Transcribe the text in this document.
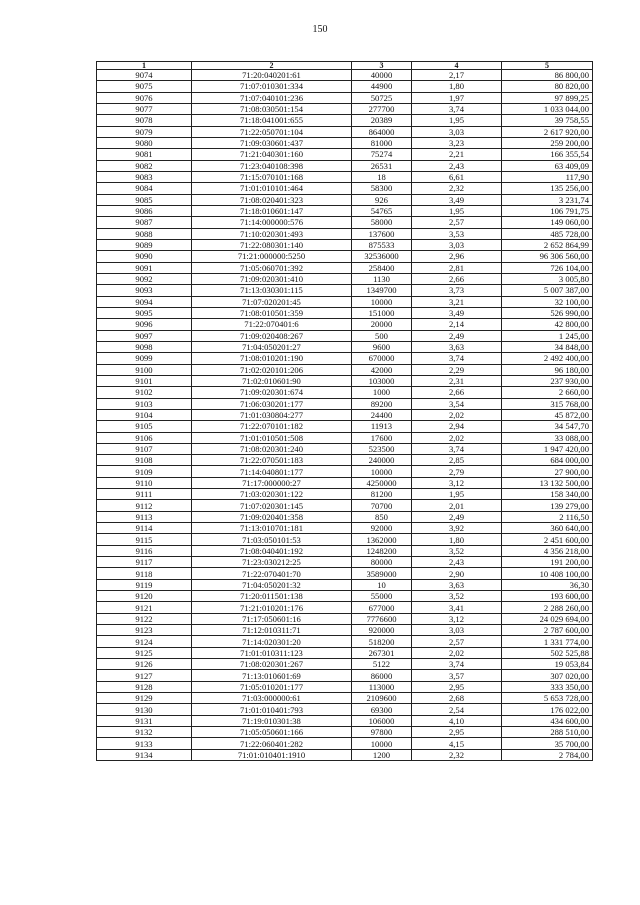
150
1	2	3	4	5
9074	71:20:040201:61	40000	2,17	86 800,00
9075	71:07:010301:334	44900	1,80	80 820,00
9076	71:07:040101:236	50725	1,97	97 899,25
9077	71:08:030501:154	277700	3,74	1 033 044,00
9078	71:18:041001:655	20389	1,95	39 758,55
9079	71:22:050701:104	864000	3,03	2 617 920,00
9080	71:09:030601:437	81000	3,23	259 200,00
9081	71:21:040301:160	75274	2,21	166 355,54
9082	71:23:040108:398	26531	2,43	63 409,09
9083	71:15:070101:168	18	6,61	117,90
9084	71:01:010101:464	58300	2,32	135 256,00
9085	71:08:020401:323	926	3,49	3 231,74
9086	71:18:010601:147	54765	1,95	106 791,75
9087	71:14:000000:576	58000	2,57	149 060,00
9088	71:10:020301:493	137600	3,53	485 728,00
9089	71:22:080301:140	875533	3,03	2 652 864,99
9090	71:21:000000:5250	32536000	2,96	96 306 560,00
9091	71:05:060701:392	258400	2,81	726 104,00
9092	71:09:020301:410	1130	2,66	3 005,80
9093	71:13:030301:115	1349700	3,73	5 007 387,00
9094	71:07:020201:45	10000	3,21	32 100,00
9095	71:08:010501:359	151000	3,49	526 990,00
9096	71:22:070401:6	20000	2,14	42 800,00
9097	71:09:020408:267	500	2,49	1 245,00
9098	71:04:050201:27	9600	3,63	34 848,00
9099	71:08:010201:190	670000	3,74	2 492 400,00
9100	71:02:020101:206	42000	2,29	96 180,00
9101	71:02:010601:90	103000	2,31	237 930,00
9102	71:09:020301:674	1000	2,66	2 660,00
9103	71:06:030201:177	89200	3,54	315 768,00
9104	71:01:030804:277	24400	2,02	45 872,00
9105	71:22:070101:182	11913	2,94	34 547,70
9106	71:01:010501:508	17600	2,02	33 088,00
9107	71:08:020301:240	523500	3,74	1 947 420,00
9108	71:22:070501:183	240000	2,85	684 000,00
9109	71:14:040801:177	10000	2,79	27 900,00
9110	71:17:000000:27	4250000	3,12	13 132 500,00
9111	71:03:020301:122	81200	1,95	158 340,00
9112	71:07:020301:145	70700	2,01	139 279,00
9113	71:09:020401:358	850	2,49	2 116,50
9114	71:13:010701:181	92000	3,92	360 640,00
9115	71:03:050101:53	1362000	1,80	2 451 600,00
9116	71:08:040401:192	1248200	3,52	4 356 218,00
9117	71:23:030212:25	80000	2,43	191 200,00
9118	71:22:070401:70	3589000	2,90	10 408 100,00
9119	71:04:050201:32	10	3,63	36,30
9120	71:20:011501:138	55000	3,52	193 600,00
9121	71:21:010201:176	677000	3,41	2 288 260,00
9122	71:17:050601:16	7776600	3,12	24 029 694,00
9123	71:12:010311:71	920000	3,03	2 787 600,00
9124	71:14:020301:20	518200	2,57	1 331 774,00
9125	71:01:010311:123	267301	2,02	502 525,88
9126	71:08:020301:267	5122	3,74	19 053,84
9127	71:13:010601:69	86000	3,57	307 020,00
9128	71:05:010201:177	113000	2,95	333 350,00
9129	71:03:000000:61	2109600	2,68	5 653 728,00
9130	71:01:010401:793	69300	2,54	176 022,00
9131	71:19:010301:38	106000	4,10	434 600,00
9132	71:05:050601:166	97800	2,95	288 510,00
9133	71:22:060401:282	10000	4,15	35 700,00
9134	71:01:010401:1910	1200	2,32	2 784,00
